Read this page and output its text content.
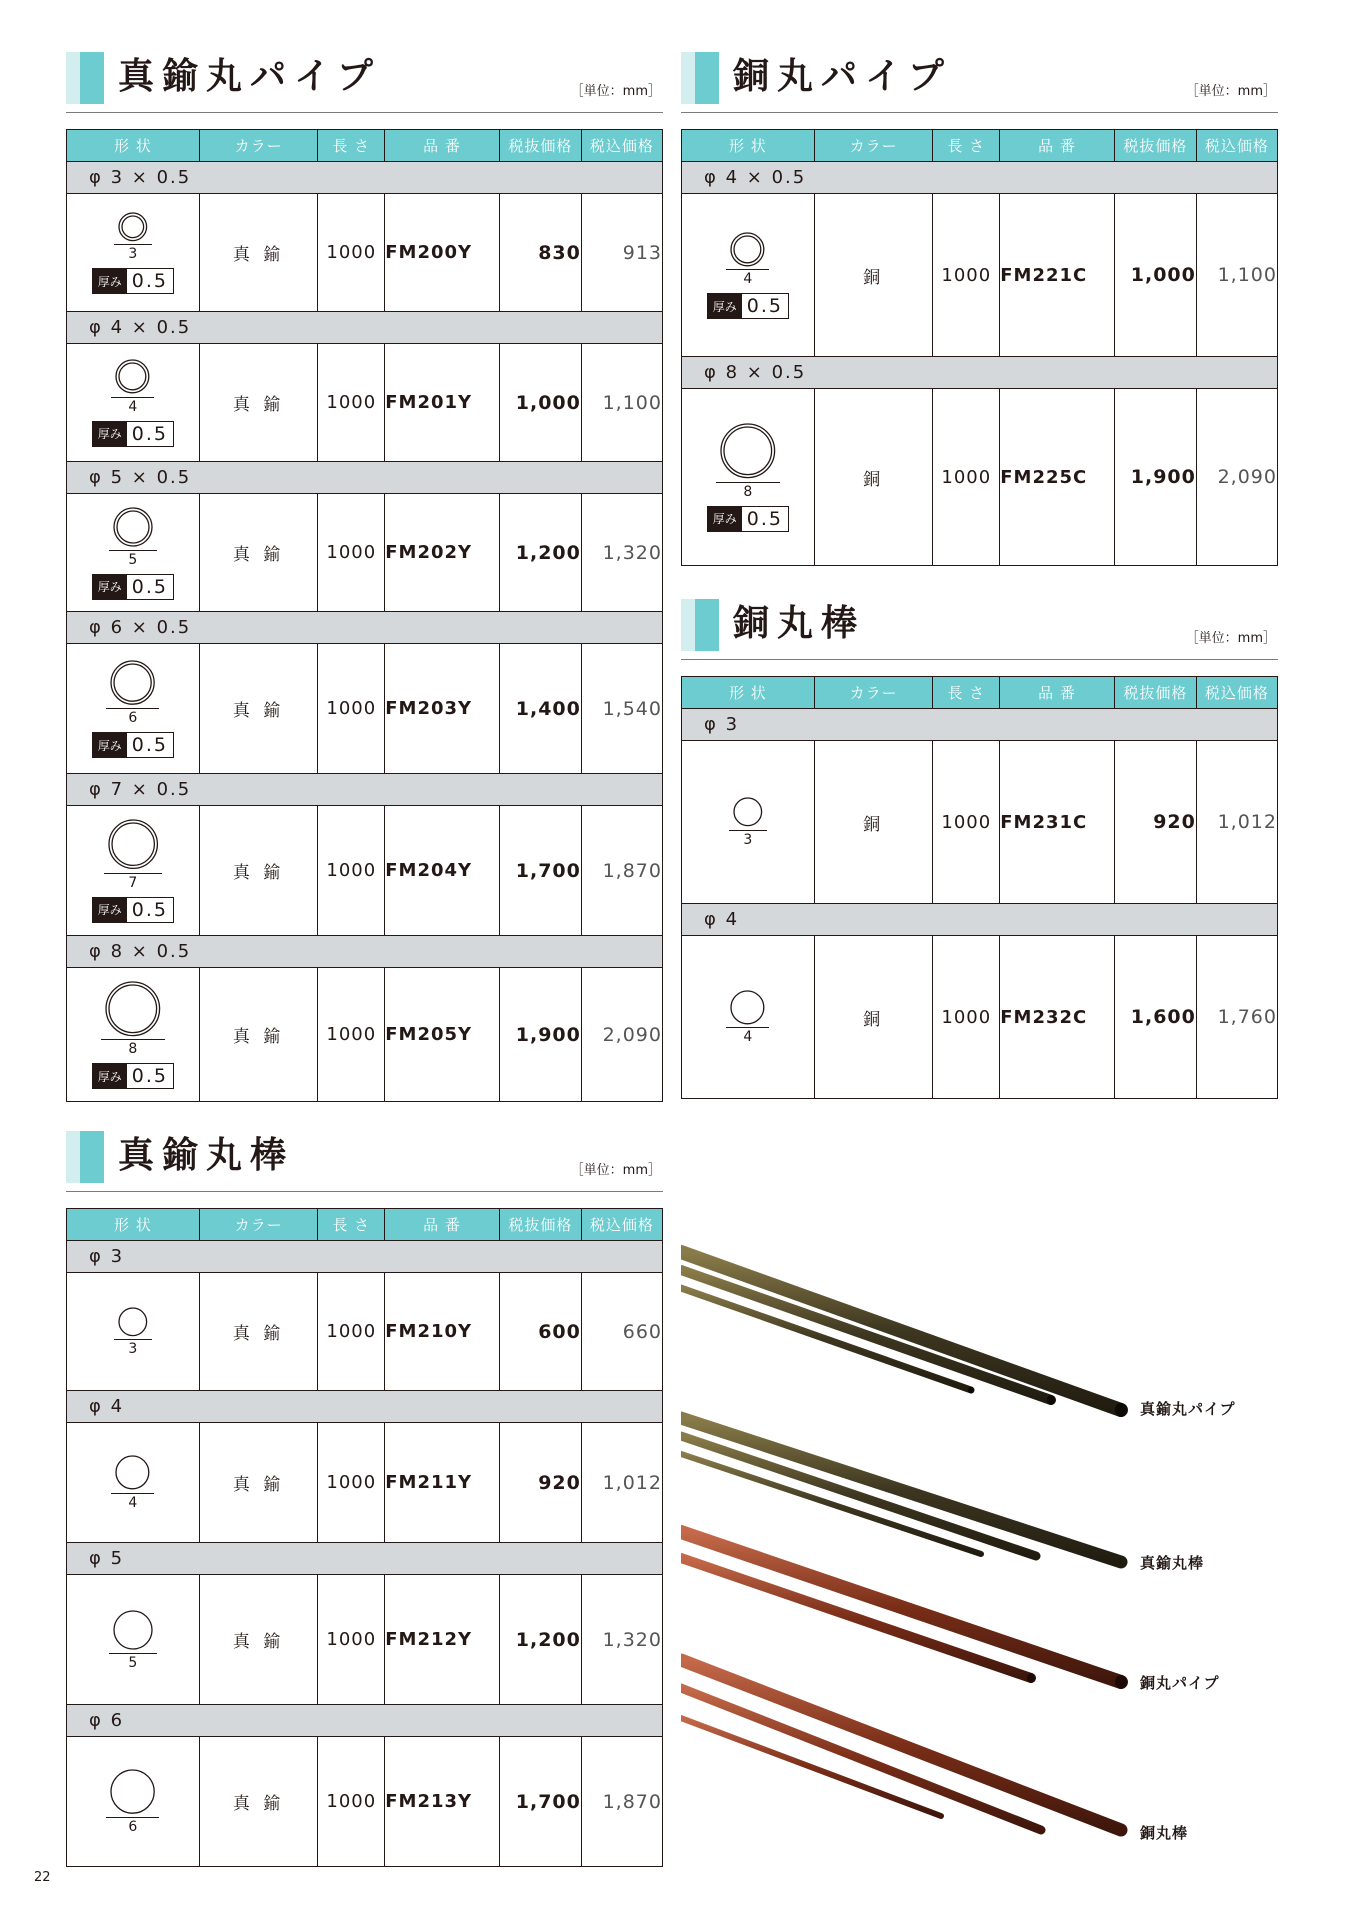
真鍮丸パイプ	［単位：mm］
形 状	カラー	長 さ	品 番	税抜価格	税込価格
φ 3 × 0.5					

3
厚み 0.5	真 鍮	1000	FM200Y	830	913
φ 4 × 0.5					

4
厚み 0.5	真 鍮	1000	FM201Y	1,000	1,100
φ 5 × 0.5					

5
厚み 0.5	真 鍮	1000	FM202Y	1,200	1,320
φ 6 × 0.5					

6
厚み 0.5	真 鍮	1000	FM203Y	1,400	1,540
φ 7 × 0.5					

7
厚み 0.5	真 鍮	1000	FM204Y	1,700	1,870
φ 8 × 0.5					

8
厚み 0.5	真 鍮	1000	FM205Y	1,900	2,090
銅丸パイプ	［単位：mm］
形 状	カラー	長 さ	品 番	税抜価格	税込価格
φ 4 × 0.5					

4
厚み 0.5	銅	1000	FM221C	1,000	1,100
φ 8 × 0.5					

8
厚み 0.5	銅	1000	FM225C	1,900	2,090
銅丸棒	［単位：mm］
形 状	カラー	長 さ	品 番	税抜価格	税込価格
φ 3					

3	銅	1000	FM231C	920	1,012
φ 4					

4	銅	1000	FM232C	1,600	1,760
真鍮丸棒	［単位：mm］
形 状	カラー	長 さ	品 番	税抜価格	税込価格
φ 3					

3	真 鍮	1000	FM210Y	600	660
φ 4					

4	真 鍮	1000	FM211Y	920	1,012
φ 5					

5	真 鍮	1000	FM212Y	1,200	1,320
φ 6					

6	真 鍮	1000	FM213Y	1,700	1,870
真鍮丸パイプ
真鍮丸棒
銅丸パイプ
銅丸棒
22
